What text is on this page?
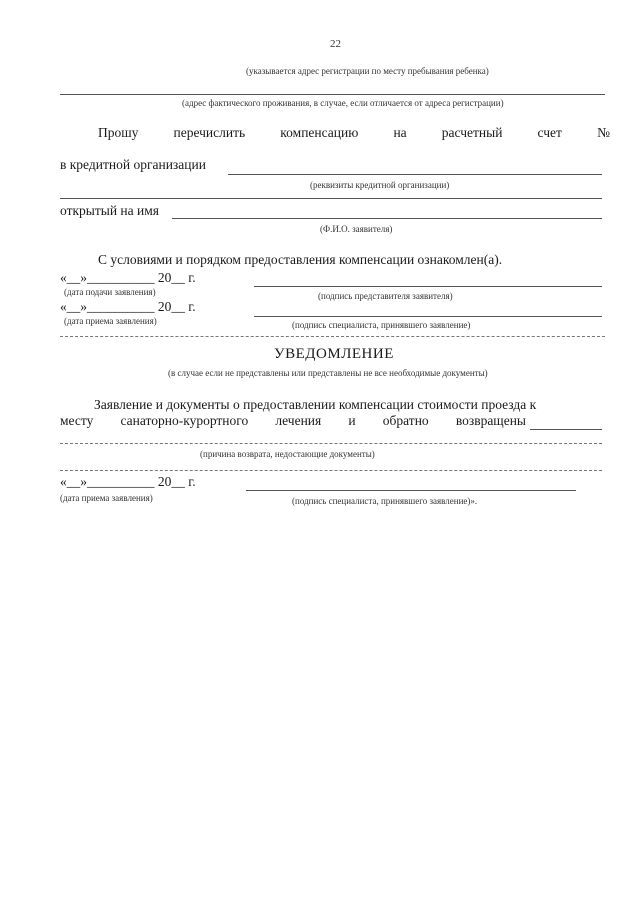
22
(указывается адрес регистрации по месту пребывания ребенка)
(адрес фактического проживания, в случае, если отличается от адреса регистрации)
Прошу	перечислить	компенсацию	на	расчетный	счет	№
в кредитной организации
(реквизиты кредитной организации)
открытый на имя
(Ф.И.О. заявителя)
С условиями и порядком предоставления компенсации ознакомлен(а).
«__»__________ 20__ г.
(дата подачи заявления)	(подпись представителя заявителя)
«__»__________ 20__ г.
(дата приема заявления)	(подпись специалиста, принявшего заявление)
УВЕДОМЛЕНИЕ
(в случае если не представлены или представлены не все необходимые документы)
Заявление и документы о предоставлении компенсации стоимости проезда к
месту санаторно-курортного лечения и обратно возвращены
(причина возврата, недостающие документы)
«__»__________ 20__ г.
(дата приема заявления)	(подпись специалиста, принявшего заявление)».
